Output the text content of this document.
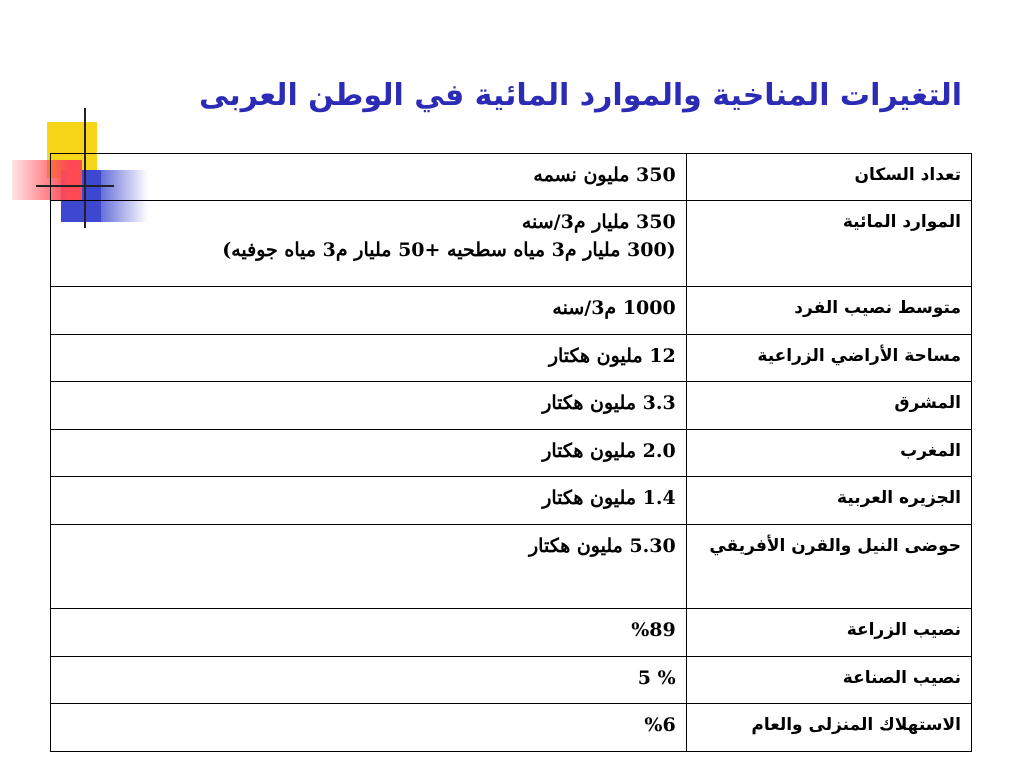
التغيرات المناخية والموارد المائية في الوطن العربى
تعداد السكان	350 مليون نسمه
الموارد المائية	350 مليار م3/سنه
(300 مليار م3 مياه سطحيه +50 مليار م3 مياه جوفيه)

متوسط نصيب الفرد	1000 م3/سنه
مساحة الأراضي الزراعية	12 مليون هكتار
المشرق	3.3 مليون هكتار
المغرب	2.0 مليون هكتار
الجزيره العربية	1.4 مليون هكتار
حوضى النيل والقرن الأفريقي	5.30 مليون هكتار
نصيب الزراعة	%89
نصيب الصناعة	% 5
الاستهلاك المنزلى والعام	%6
